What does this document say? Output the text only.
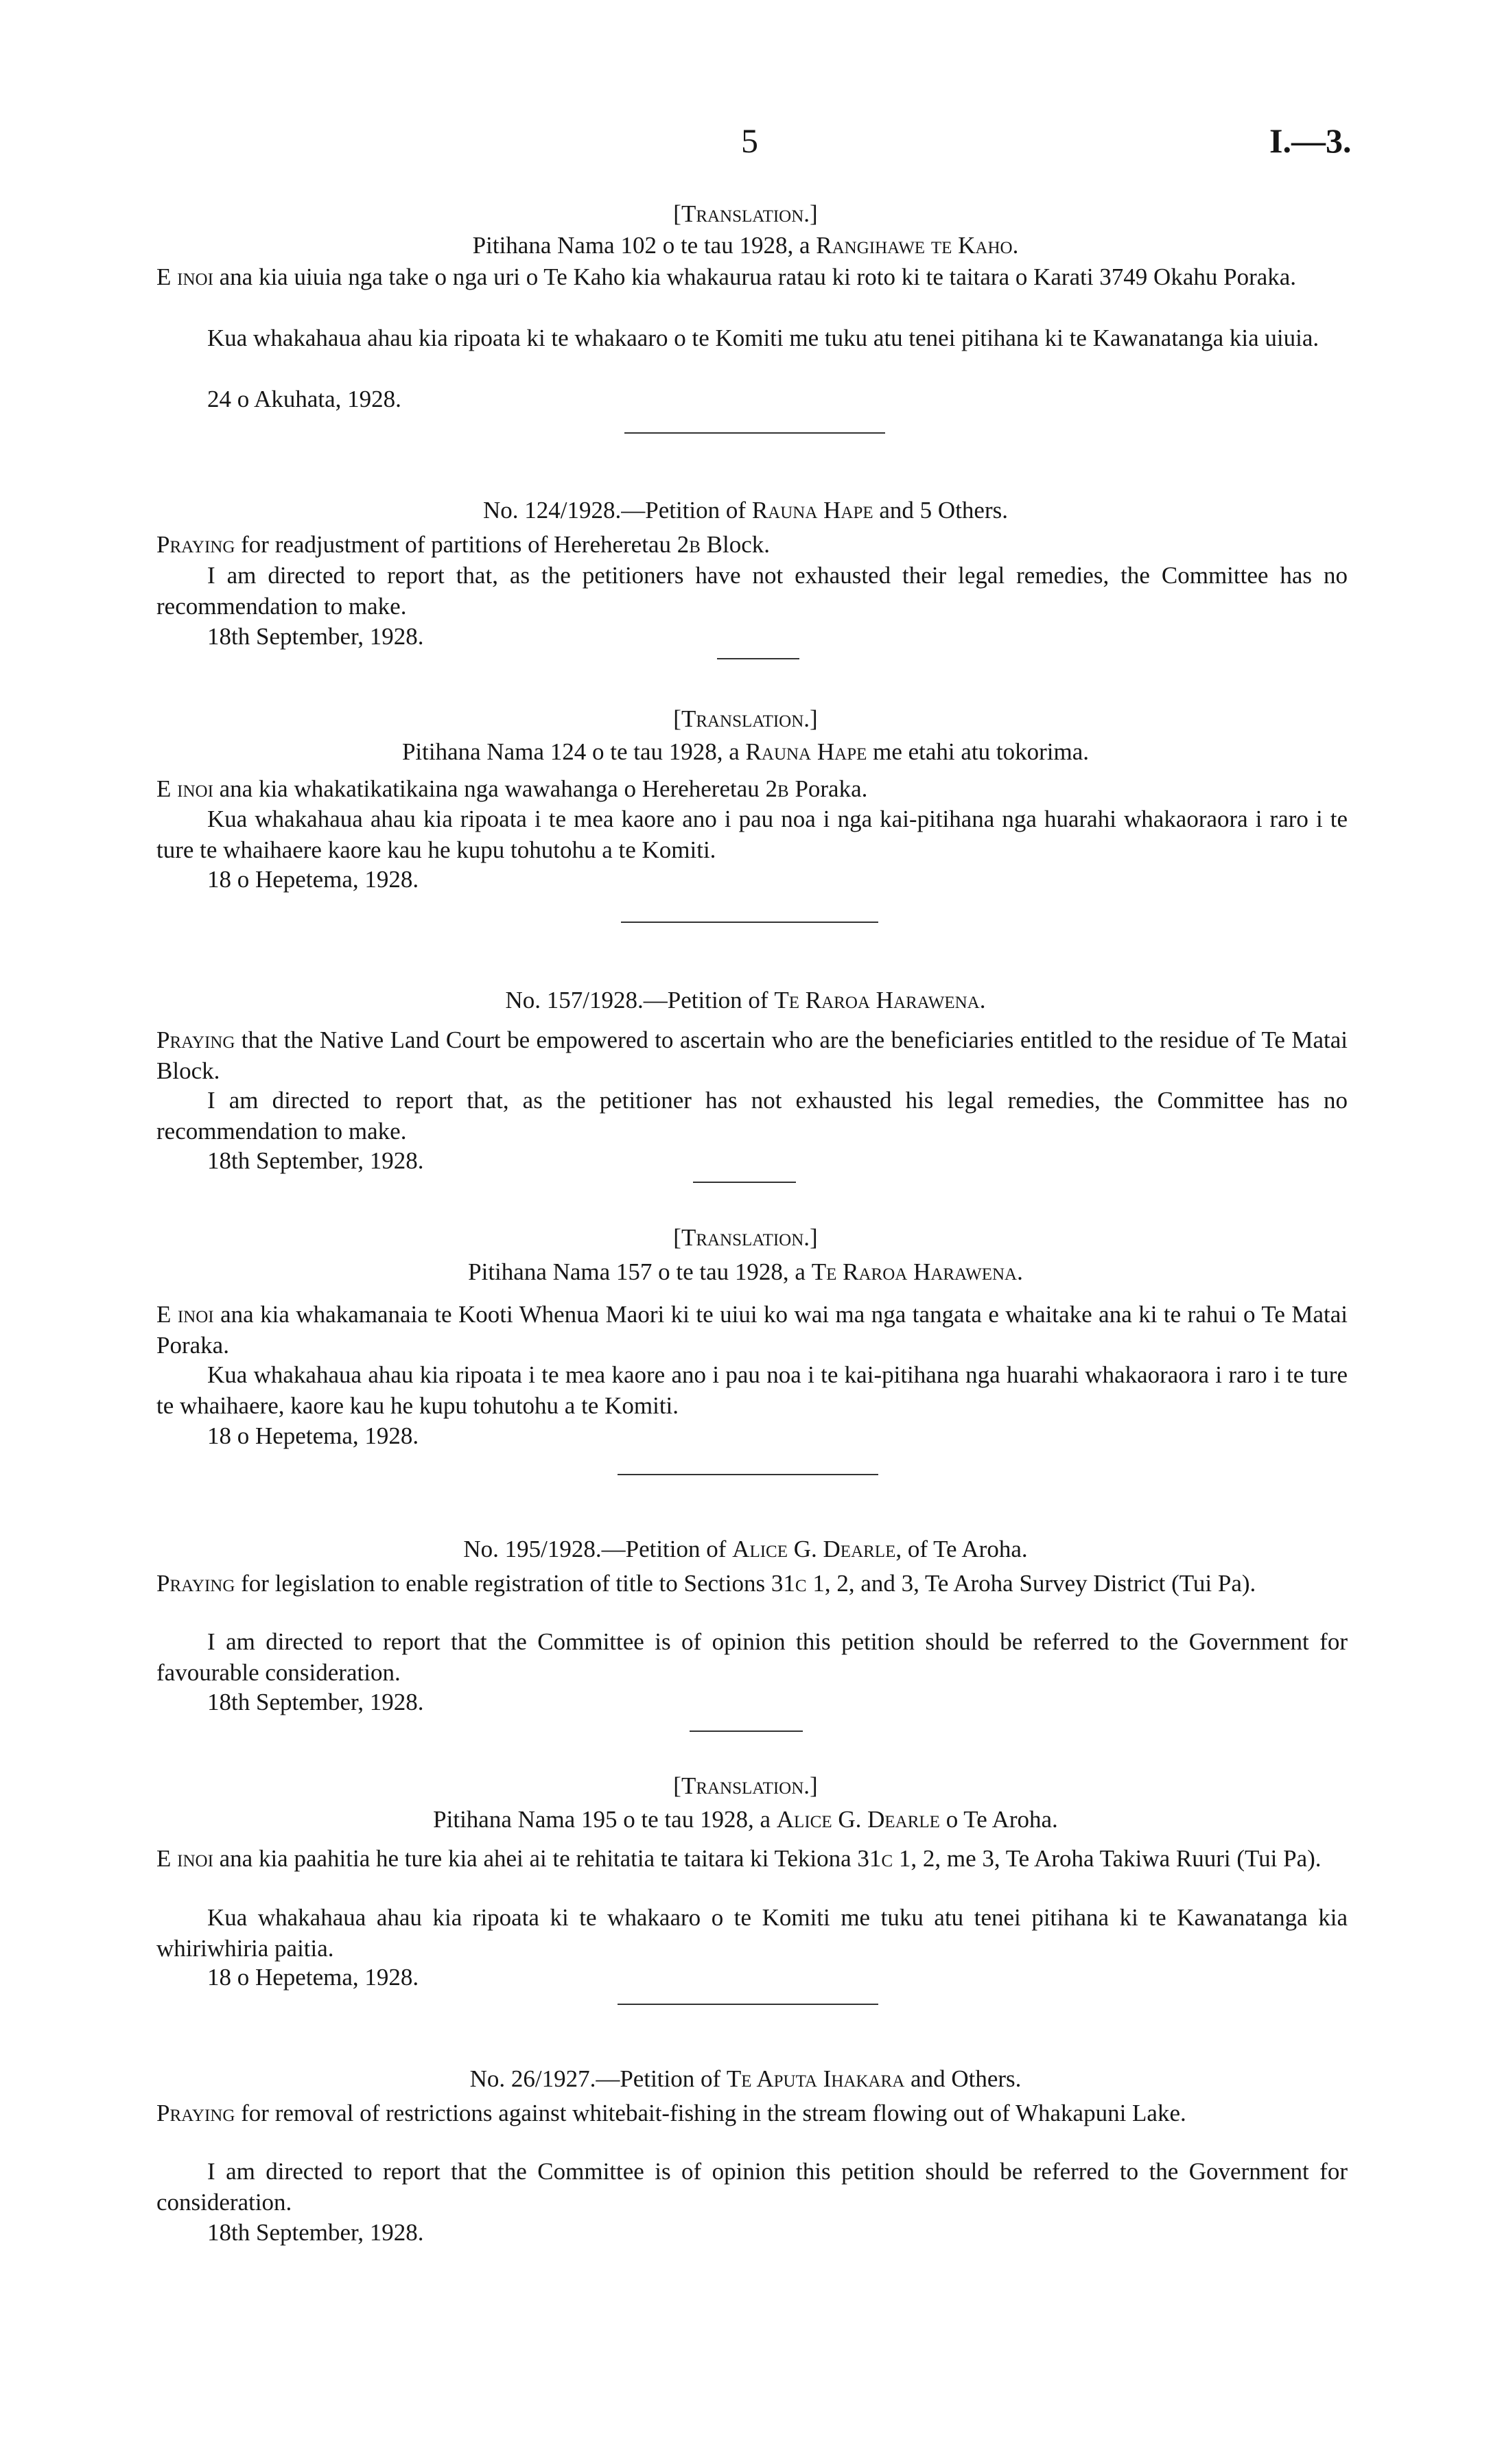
5	I.—3.
[Translation.]
Pitihana Nama 102 o te tau 1928, a Rangihawe te Kaho.
E inoi ana kia uiuia nga take o nga uri o Te Kaho kia whakaurua ratau ki roto ki te taitara o Karati 3749 Okahu Poraka.
Kua whakahaua ahau kia ripoata ki te whakaaro o te Komiti me tuku atu tenei pitihana ki te Kawanatanga kia uiuia.
24 o Akuhata, 1928.
No. 124/1928.—Petition of Rauna Hape and 5 Others.
Praying for readjustment of partitions of Hereheretau 2b Block.
I am directed to report that, as the petitioners have not exhausted their legal remedies, the Committee has no recommendation to make.
18th September, 1928.
[Translation.]
Pitihana Nama 124 o te tau 1928, a Rauna Hape me etahi atu tokorima.
E inoi ana kia whakatikatikaina nga wawahanga o Hereheretau 2b Poraka.
Kua whakahaua ahau kia ripoata i te mea kaore ano i pau noa i nga kai-pitihana nga huarahi whakaoraora i raro i te ture te whaihaere kaore kau he kupu tohutohu a te Komiti.
18 o Hepetema, 1928.
No. 157/1928.—Petition of Te Raroa Harawena.
Praying that the Native Land Court be empowered to ascertain who are the beneficiaries entitled to the residue of Te Matai Block.
I am directed to report that, as the petitioner has not exhausted his legal remedies, the Committee has no recommendation to make.
18th September, 1928.
[Translation.]
Pitihana Nama 157 o te tau 1928, a Te Raroa Harawena.
E inoi ana kia whakamanaia te Kooti Whenua Maori ki te uiui ko wai ma nga tangata e whaitake ana ki te rahui o Te Matai Poraka.
Kua whakahaua ahau kia ripoata i te mea kaore ano i pau noa i te kai-pitihana nga huarahi whakaoraora i raro i te ture te whaihaere, kaore kau he kupu tohutohu a te Komiti.
18 o Hepetema, 1928.
No. 195/1928.—Petition of Alice G. Dearle, of Te Aroha.
Praying for legislation to enable registration of title to Sections 31c 1, 2, and 3, Te Aroha Survey District (Tui Pa).
I am directed to report that the Committee is of opinion this petition should be referred to the Government for favourable consideration.
18th September, 1928.
[Translation.]
Pitihana Nama 195 o te tau 1928, a Alice G. Dearle o Te Aroha.
E inoi ana kia paahitia he ture kia ahei ai te rehitatia te taitara ki Tekiona 31c 1, 2, me 3, Te Aroha Takiwa Ruuri (Tui Pa).
Kua whakahaua ahau kia ripoata ki te whakaaro o te Komiti me tuku atu tenei pitihana ki te Kawanatanga kia whiriwhiria paitia.
18 o Hepetema, 1928.
No. 26/1927.—Petition of Te Aputa Ihakara and Others.
Praying for removal of restrictions against whitebait-fishing in the stream flowing out of Whakapuni Lake.
I am directed to report that the Committee is of opinion this petition should be referred to the Government for consideration.
18th September, 1928.
